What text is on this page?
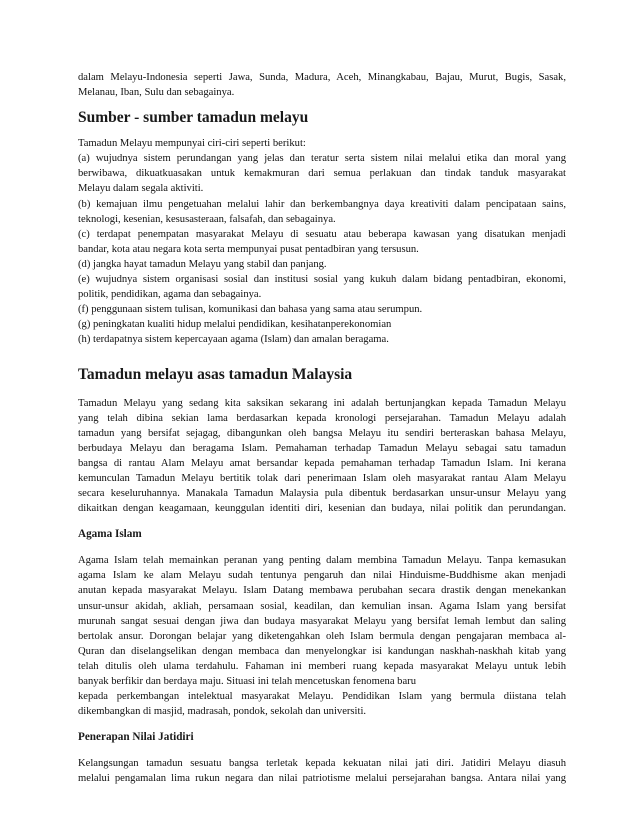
dalam Melayu-Indonesia seperti Jawa, Sunda, Madura, Aceh, Minangkabau, Bajau, Murut, Bugis, Sasak,
Melanau, Iban, Sulu dan sebagainya.
Sumber - sumber tamadun melayu
Tamadun Melayu mempunyai ciri-ciri seperti berikut:
(a) wujudnya sistem perundangan yang jelas dan teratur serta sistem nilai melalui etika dan moral yang
berwibawa, dikuatkuasakan untuk kemakmuran dari semua perlakuan dan tindak tanduk masyarakat
Melayu dalam segala aktiviti.
(b) kemajuan ilmu pengetuahan melalui lahir dan berkembangnya daya kreativiti dalam pencipataan sains,
teknologi, kesenian, kesusasteraan, falsafah, dan sebagainya.
(c) terdapat penempatan masyarakat Melayu di sesuatu atau beberapa kawasan yang disatukan menjadi
bandar, kota atau negara kota serta mempunyai pusat pentadbiran yang tersusun.
(d) jangka hayat tamadun Melayu yang stabil dan panjang.
(e) wujudnya sistem organisasi sosial dan institusi sosial yang kukuh dalam bidang pentadbiran, ekonomi,
politik, pendidikan, agama dan sebagainya.
(f) penggunaan sistem tulisan, komunikasi dan bahasa yang sama atau serumpun.
(g) peningkatan kualiti hidup melalui pendidikan, kesihatanperekonomian
(h) terdapatnya sistem kepercayaan agama (Islam) dan amalan beragama.
Tamadun melayu asas tamadun Malaysia
Tamadun Melayu yang sedang kita saksikan sekarang ini adalah bertunjangkan kepada Tamadun Melayu
yang telah dibina sekian lama berdasarkan kepada kronologi persejarahan. Tamadun Melayu adalah
tamadun yang bersifat sejagag, dibangunkan oleh bangsa Melayu itu sendiri berteraskan bahasa Melayu,
berbudaya Melayu dan beragama Islam. Pemahaman terhadap Tamadun Melayu sebagai satu tamadun
bangsa di rantau Alam Melayu amat bersandar kepada pemahaman terhadap Tamadun Islam. Ini kerana
kemunculan Tamadun Melayu bertitik tolak dari penerimaan Islam oleh masyarakat rantau Alam Melayu
secara keseluruhannya. Manakala Tamadun Malaysia pula dibentuk berdasarkan unsur-unsur Melayu yang
dikaitkan dengan keagamaan, keunggulan identiti diri, kesenian dan budaya, nilai politik dan perundangan.
Agama Islam
Agama Islam telah memainkan peranan yang penting dalam membina Tamadun Melayu. Tanpa kemasukan
agama Islam ke alam Melayu sudah tentunya pengaruh dan nilai Hinduisme-Buddhisme akan menjadi
anutan kepada masyarakat Melayu. Islam Datang membawa perubahan secara drastik dengan menekankan
unsur-unsur akidah, akliah, persamaan sosial, keadilan, dan kemulian insan. Agama Islam yang bersifat
murunah sangat sesuai dengan jiwa dan budaya masyarakat Melayu yang bersifat lemah lembut dan saling
bertolak ansur. Dorongan belajar yang diketengahkan oleh Islam bermula dengan pengajaran membaca al-
Quran dan diselangselikan dengan membaca dan menyelongkar isi kandungan naskhah-naskhah kitab yang
telah ditulis oleh ulama terdahulu. Fahaman ini memberi ruang kepada masyarakat Melayu untuk lebih
banyak berfikir dan berdaya maju. Situasi ini telah mencetuskan fenomena baru
kepada perkembangan intelektual masyarakat Melayu. Pendidikan Islam yang bermula diistana telah
dikembangkan di masjid, madrasah, pondok, sekolah dan universiti.
Penerapan Nilai Jatidiri
Kelangsungan tamadun sesuatu bangsa terletak kepada kekuatan nilai jati diri. Jatidiri Melayu diasuh
melalui pengamalan lima rukun negara dan nilai patriotisme melalui persejarahan bangsa. Antara nilai yang
